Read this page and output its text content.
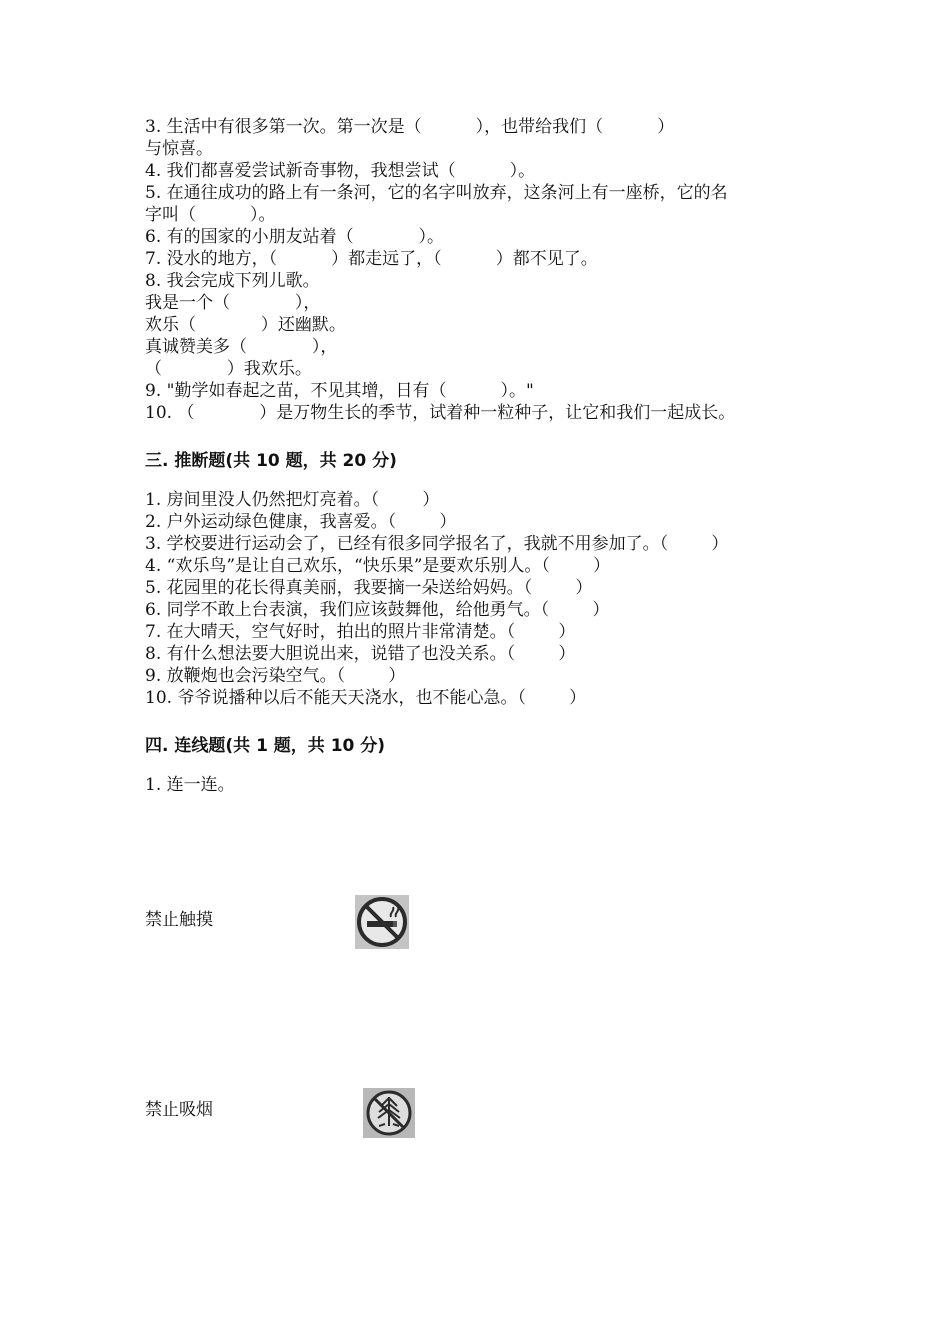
3. 生活中有很多第一次。第一次是（          ），也带给我们（          ）
与惊喜。
4. 我们都喜爱尝试新奇事物，我想尝试（          ）。
5. 在通往成功的路上有一条河，它的名字叫放弃，这条河上有一座桥，它的名
字叫（          ）。
6. 有的国家的小朋友站着（            ）。
7. 没水的地方，（          ）都走远了，（          ）都不见了。
8. 我会完成下列儿歌。
我是一个（            ），
欢乐（            ）还幽默。
真诚赞美多（            ），
（            ）我欢乐。
9. "勤学如春起之苗，不见其增，日有（          ）。"
10. （            ）是万物生长的季节，试着种一粒种子，让它和我们一起成长。
三. 推断题(共 10 题，共 20 分)
1. 房间里没人仍然把灯亮着。（        ）
2. 户外运动绿色健康，我喜爱。（        ）
3. 学校要进行运动会了，已经有很多同学报名了，我就不用参加了。（        ）
4. “欢乐鸟”是让自己欢乐，“快乐果”是要欢乐别人。（        ）
5. 花园里的花长得真美丽，我要摘一朵送给妈妈。（        ）
6. 同学不敢上台表演，我们应该鼓舞他，给他勇气。（        ）
7. 在大晴天，空气好时，拍出的照片非常清楚。（        ）
8. 有什么想法要大胆说出来，说错了也没关系。（        ）
9. 放鞭炮也会污染空气。（        ）
10. 爷爷说播种以后不能天天浇水，也不能心急。（        ）
四. 连线题(共 1 题，共 10 分)
1. 连一连。
禁止触摸
禁止吸烟
